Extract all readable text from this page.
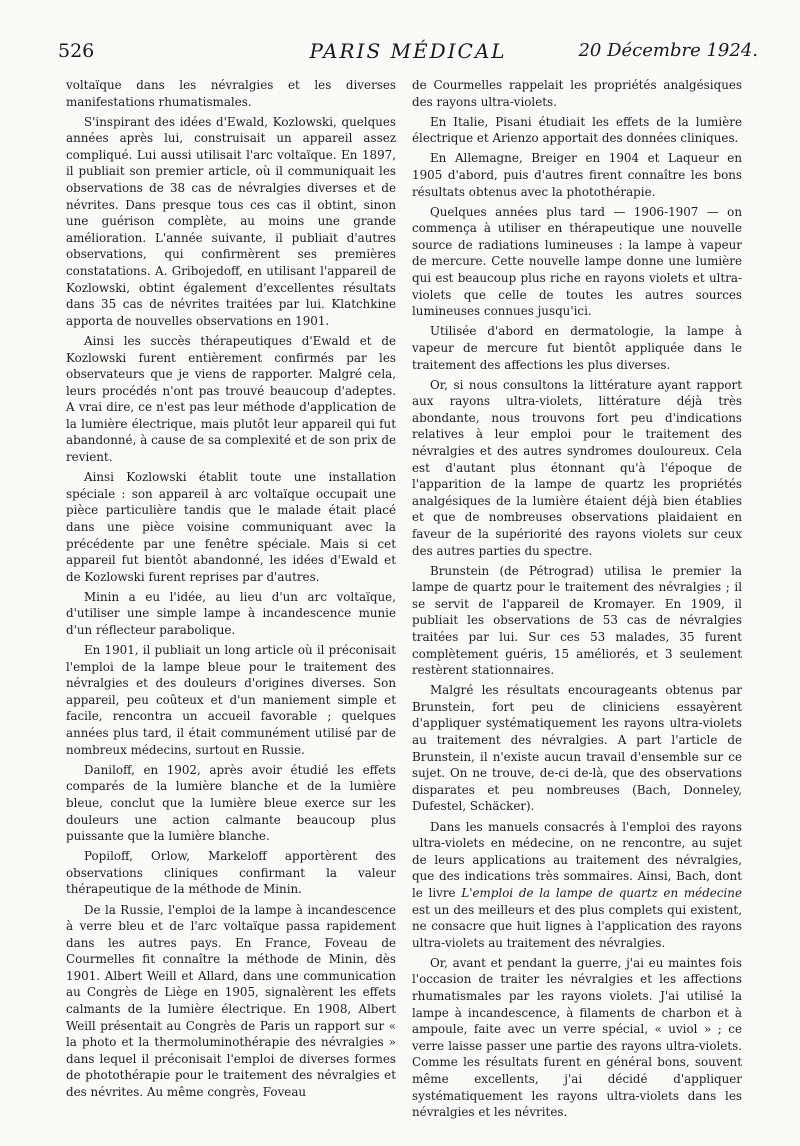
526	PARIS MÉDICAL	20 Décembre 1924.

voltaïque dans les névralgies et les diverses manifestations rhumatismales.

S'inspirant des idées d'Ewald, Kozlowski, quelques années après lui, construisait un appareil assez compliqué. Lui aussi utilisait l'arc voltaïque. En 1897, il publiait son premier article, où il communiquait les observations de 38 cas de névralgies diverses et de névrites. Dans presque tous ces cas il obtint, sinon une guérison complète, au moins une grande amélioration. L'année suivante, il publiait d'autres observations, qui confirmèrent ses premières constatations. A. Gribojedoff, en utilisant l'appareil de Kozlowski, obtint également d'excellentes résultats dans 35 cas de névrites traitées par lui. Klatchkine apporta de nouvelles observations en 1901.

Ainsi les succès thérapeutiques d'Ewald et de Kozlowski furent entièrement confirmés par les observateurs que je viens de rapporter. Malgré cela, leurs procédés n'ont pas trouvé beaucoup d'adeptes. A vrai dire, ce n'est pas leur méthode d'application de la lumière électrique, mais plutôt leur appareil qui fut abandonné, à cause de sa complexité et de son prix de revient.

Ainsi Kozlowski établit toute une installation spéciale : son appareil à arc voltaïque occupait une pièce particulière tandis que le malade était placé dans une pièce voisine communiquant avec la précédente par une fenêtre spéciale. Mais si cet appareil fut bientôt abandonné, les idées d'Ewald et de Kozlowski furent reprises par d'autres.

Minin a eu l'idée, au lieu d'un arc voltaïque, d'utiliser une simple lampe à incandescence munie d'un réflecteur parabolique.

En 1901, il publiait un long article où il préconisait l'emploi de la lampe bleue pour le traitement des névralgies et des douleurs d'origines diverses. Son appareil, peu coûteux et d'un maniement simple et facile, rencontra un accueil favorable ; quelques années plus tard, il était communément utilisé par de nombreux médecins, surtout en Russie.

Daniloff, en 1902, après avoir étudié les effets comparés de la lumière blanche et de la lumière bleue, conclut que la lumière bleue exerce sur les douleurs une action calmante beaucoup plus puissante que la lumière blanche.

Popiloff, Orlow, Markeloff apportèrent des observations cliniques confirmant la valeur thérapeutique de la méthode de Minin.

De la Russie, l'emploi de la lampe à incandescence à verre bleu et de l'arc voltaïque passa rapidement dans les autres pays. En France, Foveau de Courmelles fit connaître la méthode de Minin, dès 1901. Albert Weill et Allard, dans une communication au Congrès de Liège en 1905, signalèrent les effets calmants de la lumière électrique. En 1908, Albert Weill présentait au Congrès de Paris un rapport sur « la photo et la thermoluminothérapie des névralgies » dans lequel il préconisait l'emploi de diverses formes de photothérapie pour le traitement des névralgies et des névrites. Au même congrès, Foveau

de Courmelles rappelait les propriétés analgésiques des rayons ultra-violets.

En Italie, Pisani étudiait les effets de la lumière électrique et Arienzo apportait des données cliniques.

En Allemagne, Breiger en 1904 et Laqueur en 1905 d'abord, puis d'autres firent connaître les bons résultats obtenus avec la photothérapie.

Quelques années plus tard — 1906-1907 — on commença à utiliser en thérapeutique une nouvelle source de radiations lumineuses : la lampe à vapeur de mercure. Cette nouvelle lampe donne une lumière qui est beaucoup plus riche en rayons violets et ultra-violets que celle de toutes les autres sources lumineuses connues jusqu'ici.

Utilisée d'abord en dermatologie, la lampe à vapeur de mercure fut bientôt appliquée dans le traitement des affections les plus diverses.

Or, si nous consultons la littérature ayant rapport aux rayons ultra-violets, littérature déjà très abondante, nous trouvons fort peu d'indications relatives à leur emploi pour le traitement des névralgies et des autres syndromes douloureux. Cela est d'autant plus étonnant qu'à l'époque de l'apparition de la lampe de quartz les propriétés analgésiques de la lumière étaient déjà bien établies et que de nombreuses observations plaidaient en faveur de la supériorité des rayons violets sur ceux des autres parties du spectre.

Brunstein (de Pétrograd) utilisa le premier la lampe de quartz pour le traitement des névralgies ; il se servit de l'appareil de Kromayer. En 1909, il publiait les observations de 53 cas de névralgies traitées par lui. Sur ces 53 malades, 35 furent complètement guéris, 15 améliorés, et 3 seulement restèrent stationnaires.

Malgré les résultats encourageants obtenus par Brunstein, fort peu de cliniciens essayèrent d'appliquer systématiquement les rayons ultra-violets au traitement des névralgies. A part l'article de Brunstein, il n'existe aucun travail d'ensemble sur ce sujet. On ne trouve, de-ci de-là, que des observations disparates et peu nombreuses (Bach, Donneley, Dufestel, Schäcker).

Dans les manuels consacrés à l'emploi des rayons ultra-violets en médecine, on ne rencontre, au sujet de leurs applications au traitement des névralgies, que des indications très sommaires. Ainsi, Bach, dont le livre L'emploi de la lampe de quartz en médecine est un des meilleurs et des plus complets qui existent, ne consacre que huit lignes à l'application des rayons ultra-violets au traitement des névralgies.

Or, avant et pendant la guerre, j'ai eu maintes fois l'occasion de traiter les névralgies et les affections rhumatismales par les rayons violets. J'ai utilisé la lampe à incandescence, à filaments de charbon et à ampoule, faite avec un verre spécial, « uviol » ; ce verre laisse passer une partie des rayons ultra-violets. Comme les résultats furent en général bons, souvent même excellents, j'ai décidé d'appliquer systématiquement les rayons ultra-violets dans les névralgies et les névrites.
